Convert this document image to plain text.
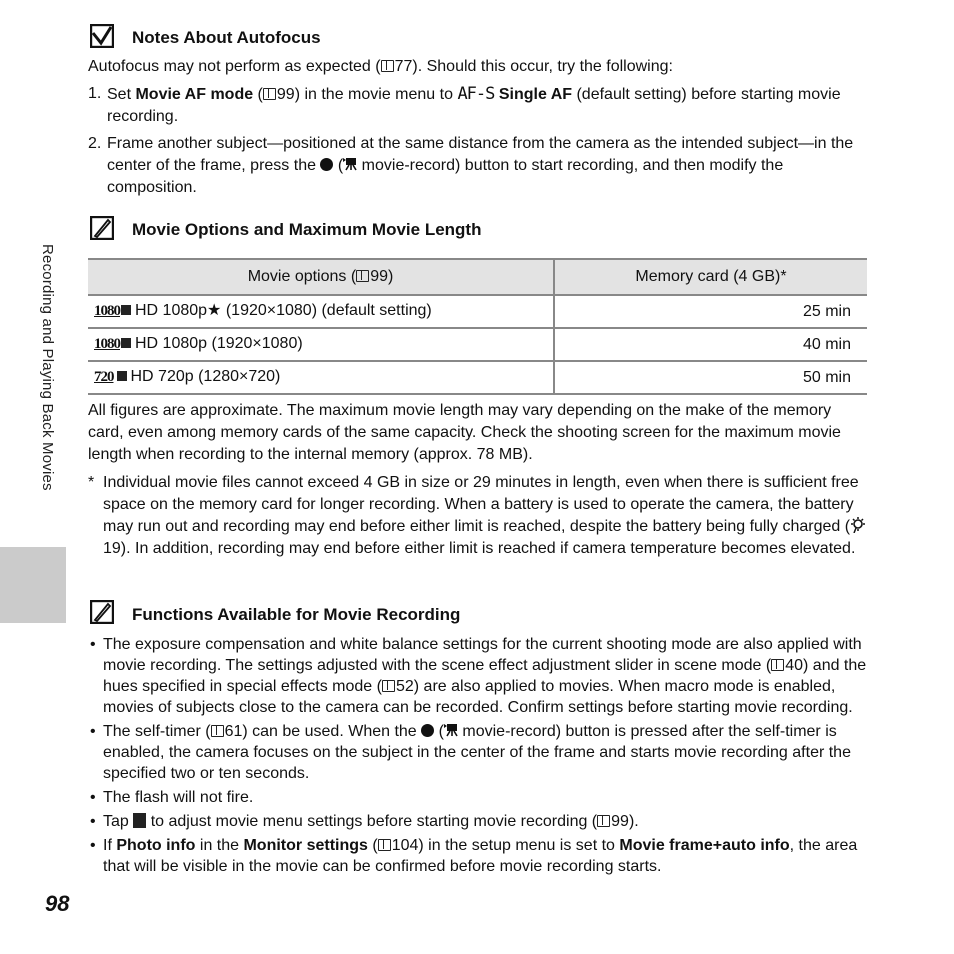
Recording and Playing Back Movies
Notes About Autofocus
Autofocus may not perform as expected ( 77). Should this occur, try the following:
1. Set Movie AF mode ( 99) in the movie menu to AF-S Single AF (default setting) before starting movie recording.
2. Frame another subject—positioned at the same distance from the camera as the intended subject—in the center of the frame, press the  ( movie-record) button to start recording, and then modify the composition.
Movie Options and Maximum Movie Length
Movie options ( 99)	Memory card (4 GB)*
1080 HD 1080p★ (1920×1080) (default setting)	25 min
1080 HD 1080p (1920×1080)	40 min
720 HD 720p (1280×720)	50 min
All figures are approximate. The maximum movie length may vary depending on the make of the memory card, even among memory cards of the same capacity. Check the shooting screen for the maximum movie length when recording to the internal memory (approx. 78 MB).
* Individual movie files cannot exceed 4 GB in size or 29 minutes in length, even when there is sufficient free space on the memory card for longer recording. When a battery is used to operate the camera, the battery may run out and recording may end before either limit is reached, despite the battery being fully charged (19). In addition, recording may end before either limit is reached if camera temperature becomes elevated.
Functions Available for Movie Recording
• The exposure compensation and white balance settings for the current shooting mode are also applied with movie recording. The settings adjusted with the scene effect adjustment slider in scene mode ( 40) and the hues specified in special effects mode ( 52) are also applied to movies. When macro mode is enabled, movies of subjects close to the camera can be recorded. Confirm settings before starting movie recording.
• The self-timer ( 61) can be used. When the  ( movie-record) button is pressed after the self-timer is enabled, the camera focuses on the subject in the center of the frame and starts movie recording after the specified two or ten seconds.
• The flash will not fire.
• Tap  to adjust movie menu settings before starting movie recording ( 99).
• If Photo info in the Monitor settings ( 104) in the setup menu is set to Movie frame+auto info, the area that will be visible in the movie can be confirmed before movie recording starts.
98
